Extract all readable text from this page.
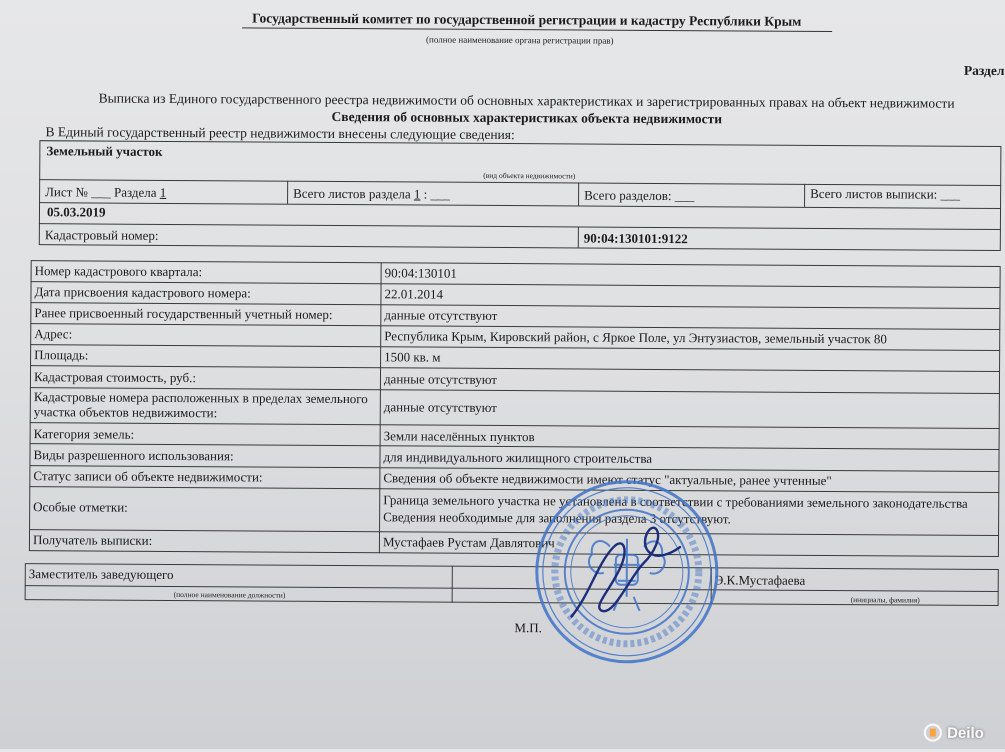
Государственный комитет по государственной регистрации и кадастру Республики Крым
(полное наименование органа регистрации прав)
Раздел
Выписка из Единого государственного реестра недвижимости об основных характеристиках и зарегистрированных правах на объект недвижимости
Сведения об основных характеристиках объекта недвижимости
В Единый государственный реестр недвижимости внесены следующие сведения:
Земельный участок
(вид объекта недвижимости)
Лист № ___ Раздела 1	Всего листов раздела 1 : ___	Всего разделов: ___	Всего листов выписки: ___
05.03.2019
Кадастровый номер:	90:04:130101:9122
Номер кадастрового квартала:	90:04:130101
Дата присвоения кадастрового номера:	22.01.2014
Ранее присвоенный государственный учетный номер:	данные отсутствуют
Адрес:	Республика Крым, Кировский район, с Яркое Поле, ул Энтузиастов, земельный участок 80
Площадь:	1500 кв. м
Кадастровая стоимость, руб.:	данные отсутствуют
Кадастровые номера расположенных в пределах земельного участка объектов недвижимости:	данные отсутствуют
Категория земель:	Земли населённых пунктов
Виды разрешенного использования:	для индивидуального жилищного строительства
Статус записи об объекте недвижимости:	Сведения об объекте недвижимости имеют статус "актуальные, ранее учтенные"
Особые отметки:	Граница земельного участка не установлена в соответствии с требованиями земельного законодательства
Сведения необходимые для заполнения раздела 3 отсутствуют.
Получатель выписки:	Мустафаев Рустам Давлятович
Заместитель заведующего
(полное наименование должности)
Э.К.Мустафаева
(инициалы, фамилия)
М.П.
Deilo
